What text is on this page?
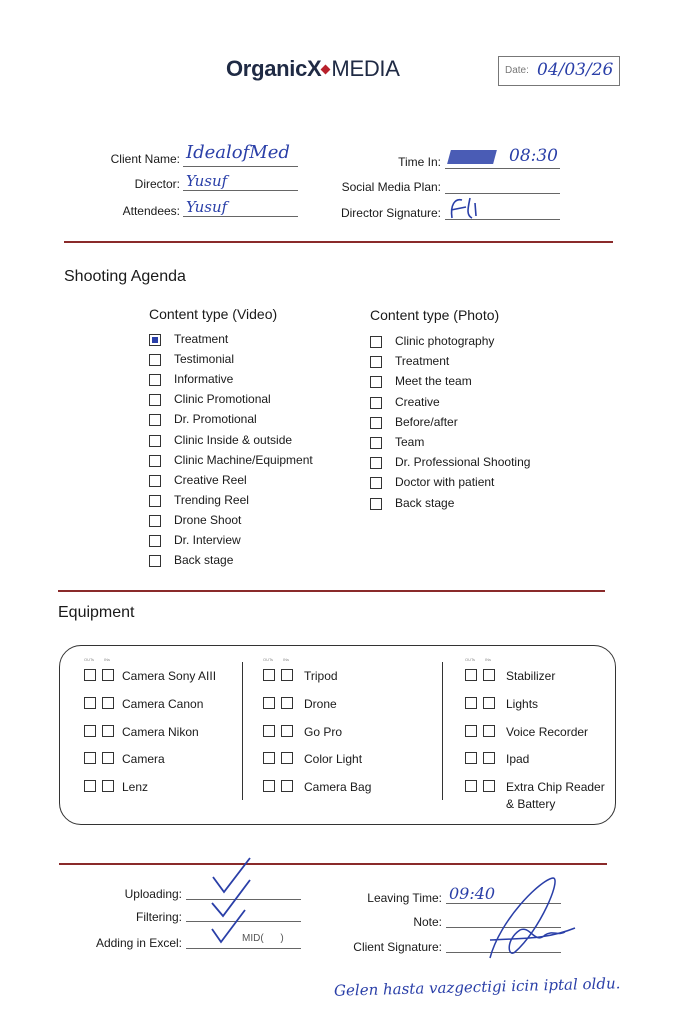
OrganicX MEDIA	Date: 04/03/26
Client Name: IdealofMed
Director: Yusuf
Attendees: Yusuf
Time In:	08:30
Social Media Plan:
Director Signature:
Shooting Agenda
Content type (Video)	Content type (Photo)
Treatment
Testimonial
Informative
Clinic Promotional
Dr. Promotional
Clinic Inside & outside
Clinic Machine/Equipment
Creative Reel
Trending Reel
Drone Shoot
Dr. Interview
Back stage
Clinic photography
Treatment
Meet the team
Creative
Before/after
Team
Dr. Professional Shooting
Doctor with patient
Back stage
Equipment
OUTs	INs
Camera Sony AIII
Camera Canon
Camera Nikon
Camera
Lenz
OUTs	INs
Tripod
Drone
Go Pro
Color Light
Camera Bag
OUTs	INs
Stabilizer
Lights
Voice Recorder
Ipad
Extra Chip Reader & Battery
Uploading:
Filtering:
Adding in Excel:	MID(      )
Leaving Time: 09:40
Note:
Client Signature:
Gelen hasta vazgectigi icin iptal oldu.
